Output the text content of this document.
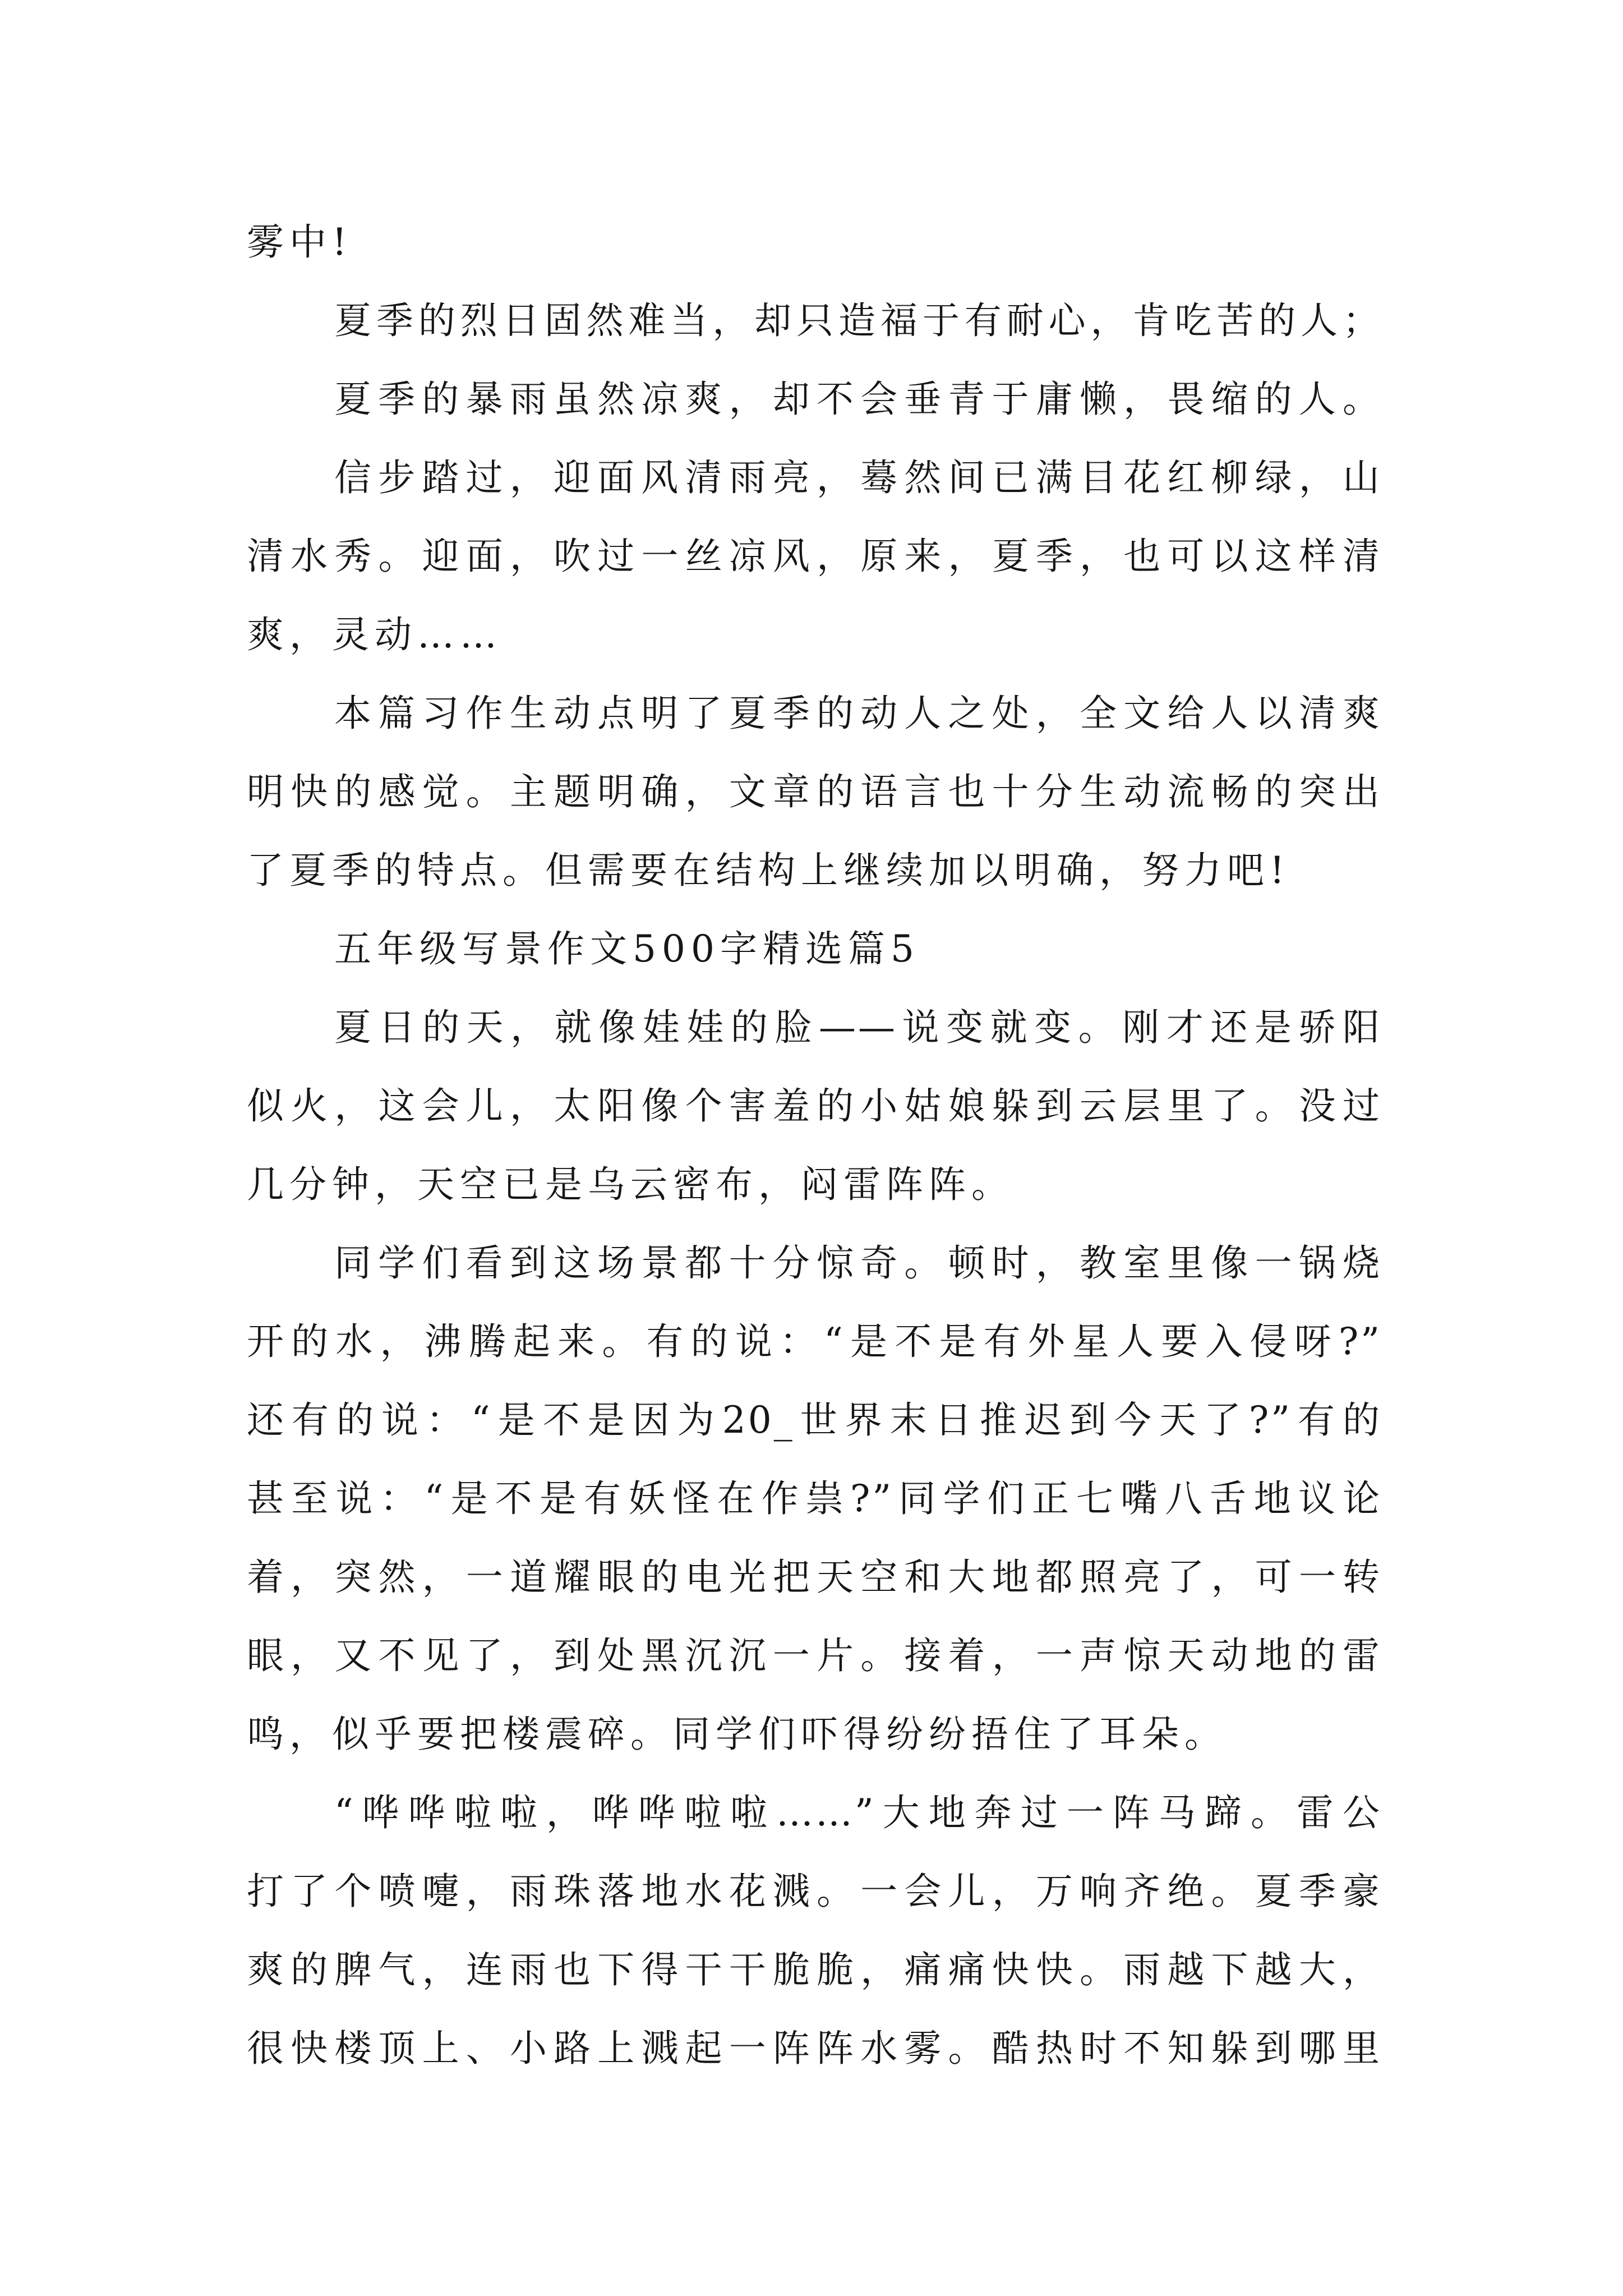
雾中!
夏季的烈日固然难当，却只造福于有耐心，肯吃苦的人；
夏季的暴雨虽然凉爽，却不会垂青于庸懒，畏缩的人。
信步踏过，迎面风清雨亮，蓦然间已满目花红柳绿，山
清水秀。迎面，吹过一丝凉风，原来，夏季，也可以这样清
爽，灵动……
本篇习作生动点明了夏季的动人之处，全文给人以清爽
明快的感觉。主题明确，文章的语言也十分生动流畅的突出
了夏季的特点。但需要在结构上继续加以明确，努力吧!
五年级写景作文500字精选篇5
夏日的天，就像娃娃的脸——说变就变。刚才还是骄阳
似火，这会儿，太阳像个害羞的小姑娘躲到云层里了。没过
几分钟，天空已是乌云密布，闷雷阵阵。
同学们看到这场景都十分惊奇。顿时，教室里像一锅烧
开的水，沸腾起来。有的说：“是不是有外星人要入侵呀?”
还有的说：“是不是因为20_世界末日推迟到今天了?”有的
甚至说：“是不是有妖怪在作祟?”同学们正七嘴八舌地议论
着，突然，一道耀眼的电光把天空和大地都照亮了，可一转
眼，又不见了，到处黑沉沉一片。接着，一声惊天动地的雷
鸣，似乎要把楼震碎。同学们吓得纷纷捂住了耳朵。
“哗哗啦啦，哗哗啦啦……”大地奔过一阵马蹄。雷公
打了个喷嚏，雨珠落地水花溅。一会儿，万响齐绝。夏季豪
爽的脾气，连雨也下得干干脆脆，痛痛快快。雨越下越大，
很快楼顶上、小路上溅起一阵阵水雾。酷热时不知躲到哪里
